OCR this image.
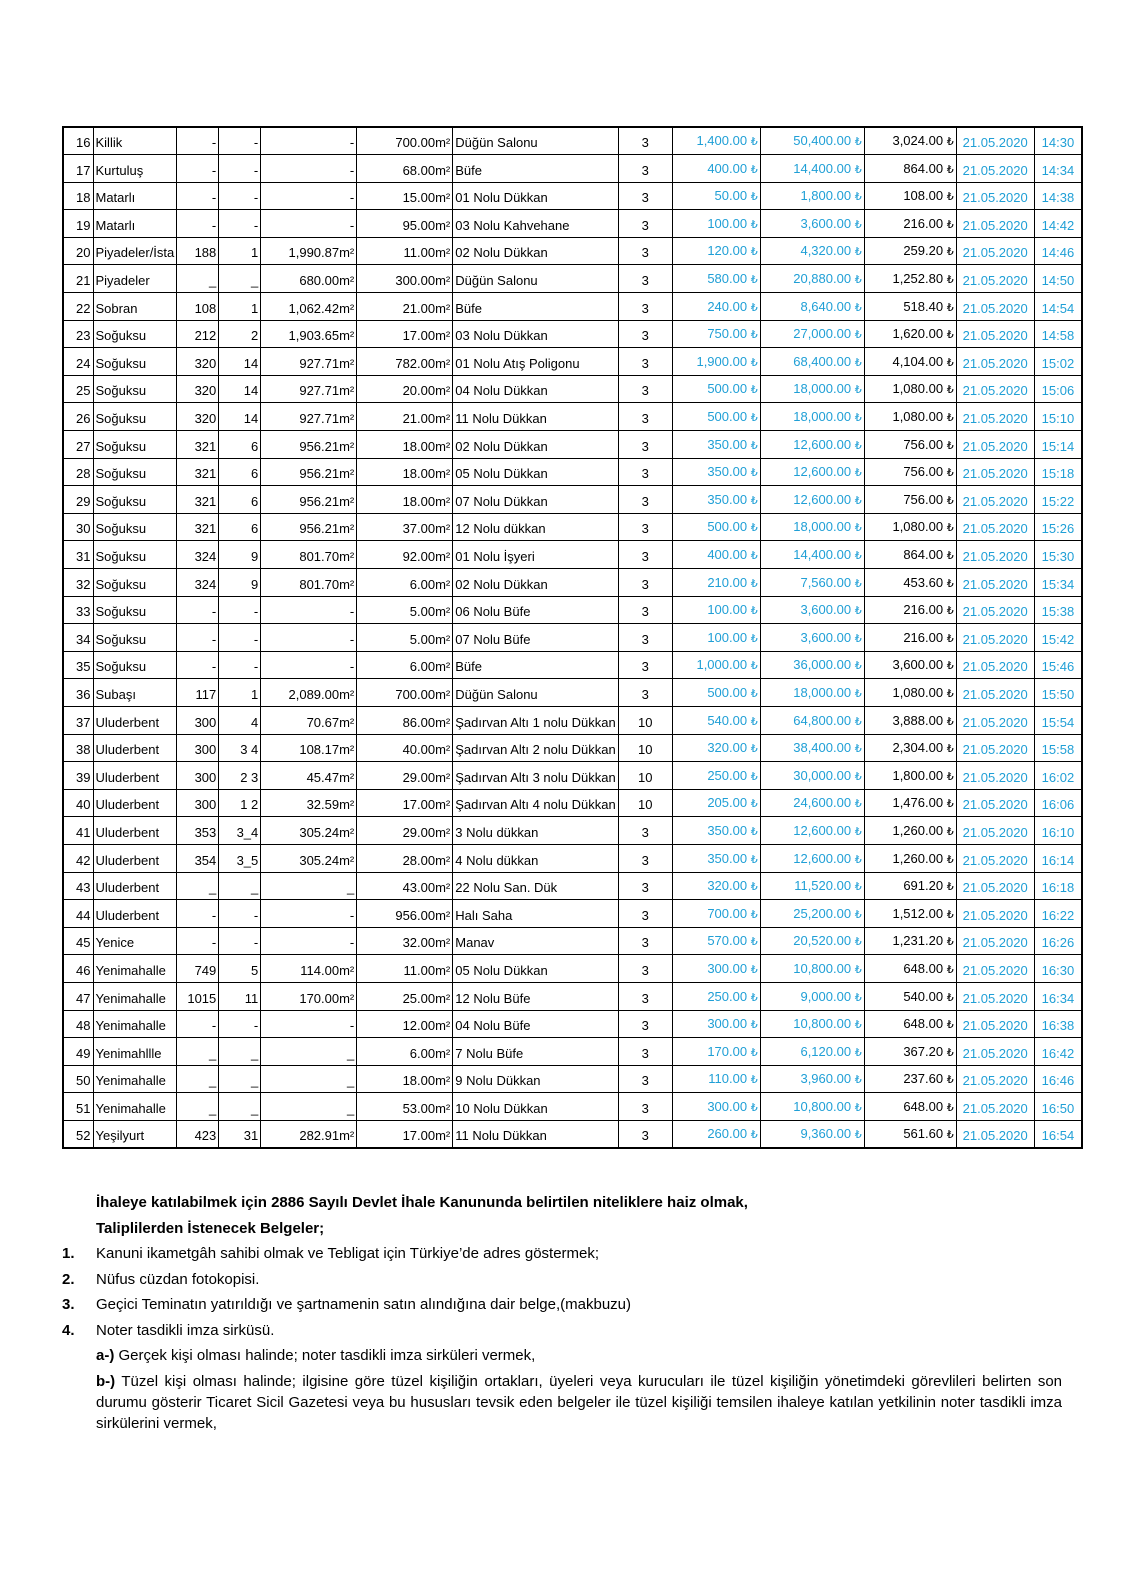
16	Killik	-	-	-	700.00m²	Düğün Salonu	3	1,400.00 ₺	50,400.00 ₺	3,024.00 ₺	21.05.2020	14:30
17	Kurtuluş	-	-	-	68.00m²	Büfe	3	400.00 ₺	14,400.00 ₺	864.00 ₺	21.05.2020	14:34
18	Matarlı	-	-	-	15.00m²	01 Nolu Dükkan	3	50.00 ₺	1,800.00 ₺	108.00 ₺	21.05.2020	14:38
19	Matarlı	-	-	-	95.00m²	03 Nolu Kahvehane	3	100.00 ₺	3,600.00 ₺	216.00 ₺	21.05.2020	14:42
20	Piyadeler/İsta	188	1	1,990.87m²	11.00m²	02 Nolu Dükkan	3	120.00 ₺	4,320.00 ₺	259.20 ₺	21.05.2020	14:46
21	Piyadeler	_	_	680.00m²	300.00m²	Düğün Salonu	3	580.00 ₺	20,880.00 ₺	1,252.80 ₺	21.05.2020	14:50
22	Sobran	108	1	1,062.42m²	21.00m²	Büfe	3	240.00 ₺	8,640.00 ₺	518.40 ₺	21.05.2020	14:54
23	Soğuksu	212	2	1,903.65m²	17.00m²	03 Nolu Dükkan	3	750.00 ₺	27,000.00 ₺	1,620.00 ₺	21.05.2020	14:58
24	Soğuksu	320	14	927.71m²	782.00m²	01 Nolu Atış Poligonu	3	1,900.00 ₺	68,400.00 ₺	4,104.00 ₺	21.05.2020	15:02
25	Soğuksu	320	14	927.71m²	20.00m²	04 Nolu Dükkan	3	500.00 ₺	18,000.00 ₺	1,080.00 ₺	21.05.2020	15:06
26	Soğuksu	320	14	927.71m²	21.00m²	11 Nolu Dükkan	3	500.00 ₺	18,000.00 ₺	1,080.00 ₺	21.05.2020	15:10
27	Soğuksu	321	6	956.21m²	18.00m²	02 Nolu Dükkan	3	350.00 ₺	12,600.00 ₺	756.00 ₺	21.05.2020	15:14
28	Soğuksu	321	6	956.21m²	18.00m²	05 Nolu Dükkan	3	350.00 ₺	12,600.00 ₺	756.00 ₺	21.05.2020	15:18
29	Soğuksu	321	6	956.21m²	18.00m²	07 Nolu Dükkan	3	350.00 ₺	12,600.00 ₺	756.00 ₺	21.05.2020	15:22
30	Soğuksu	321	6	956.21m²	37.00m²	12 Nolu dükkan	3	500.00 ₺	18,000.00 ₺	1,080.00 ₺	21.05.2020	15:26
31	Soğuksu	324	9	801.70m²	92.00m²	01 Nolu İşyeri	3	400.00 ₺	14,400.00 ₺	864.00 ₺	21.05.2020	15:30
32	Soğuksu	324	9	801.70m²	6.00m²	02 Nolu Dükkan	3	210.00 ₺	7,560.00 ₺	453.60 ₺	21.05.2020	15:34
33	Soğuksu	-	-	-	5.00m²	06 Nolu Büfe	3	100.00 ₺	3,600.00 ₺	216.00 ₺	21.05.2020	15:38
34	Soğuksu	-	-	-	5.00m²	07 Nolu Büfe	3	100.00 ₺	3,600.00 ₺	216.00 ₺	21.05.2020	15:42
35	Soğuksu	-	-	-	6.00m²	Büfe	3	1,000.00 ₺	36,000.00 ₺	3,600.00 ₺	21.05.2020	15:46
36	Subaşı	117	1	2,089.00m²	700.00m²	Düğün Salonu	3	500.00 ₺	18,000.00 ₺	1,080.00 ₺	21.05.2020	15:50
37	Uluderbent	300	4	70.67m²	86.00m²	Şadırvan Altı 1 nolu Dükkan	10	540.00 ₺	64,800.00 ₺	3,888.00 ₺	21.05.2020	15:54
38	Uluderbent	300	3 4	108.17m²	40.00m²	Şadırvan Altı 2 nolu Dükkan	10	320.00 ₺	38,400.00 ₺	2,304.00 ₺	21.05.2020	15:58
39	Uluderbent	300	2 3	45.47m²	29.00m²	Şadırvan Altı 3 nolu Dükkan	10	250.00 ₺	30,000.00 ₺	1,800.00 ₺	21.05.2020	16:02
40	Uluderbent	300	1 2	32.59m²	17.00m²	Şadırvan Altı 4 nolu Dükkan	10	205.00 ₺	24,600.00 ₺	1,476.00 ₺	21.05.2020	16:06
41	Uluderbent	353	3_4	305.24m²	29.00m²	3 Nolu dükkan	3	350.00 ₺	12,600.00 ₺	1,260.00 ₺	21.05.2020	16:10
42	Uluderbent	354	3_5	305.24m²	28.00m²	4 Nolu dükkan	3	350.00 ₺	12,600.00 ₺	1,260.00 ₺	21.05.2020	16:14
43	Uluderbent	_	_	_	43.00m²	22 Nolu San. Dük	3	320.00 ₺	11,520.00 ₺	691.20 ₺	21.05.2020	16:18
44	Uluderbent	-	-	-	956.00m²	Halı Saha	3	700.00 ₺	25,200.00 ₺	1,512.00 ₺	21.05.2020	16:22
45	Yenice	-	-	-	32.00m²	Manav	3	570.00 ₺	20,520.00 ₺	1,231.20 ₺	21.05.2020	16:26
46	Yenimahalle	749	5	114.00m²	11.00m²	05 Nolu Dükkan	3	300.00 ₺	10,800.00 ₺	648.00 ₺	21.05.2020	16:30
47	Yenimahalle	1015	11	170.00m²	25.00m²	12 Nolu Büfe	3	250.00 ₺	9,000.00 ₺	540.00 ₺	21.05.2020	16:34
48	Yenimahalle	-	-	-	12.00m²	04 Nolu Büfe	3	300.00 ₺	10,800.00 ₺	648.00 ₺	21.05.2020	16:38
49	Yenimahllle	_	_	_	6.00m²	7 Nolu Büfe	3	170.00 ₺	6,120.00 ₺	367.20 ₺	21.05.2020	16:42
50	Yenimahalle	_	_	_	18.00m²	9 Nolu Dükkan	3	110.00 ₺	3,960.00 ₺	237.60 ₺	21.05.2020	16:46
51	Yenimahalle	_	_	_	53.00m²	10 Nolu Dükkan	3	300.00 ₺	10,800.00 ₺	648.00 ₺	21.05.2020	16:50
52	Yeşilyurt	423	31	282.91m²	17.00m²	11 Nolu Dükkan	3	260.00 ₺	9,360.00 ₺	561.60 ₺	21.05.2020	16:54
İhaleye katılabilmek için 2886 Sayılı Devlet İhale Kanununda belirtilen niteliklere haiz olmak,
Taliplilerden İstenecek Belgeler;
1. Kanuni ikametgâh sahibi olmak ve Tebligat için Türkiye’de adres göstermek;
2. Nüfus cüzdan fotokopisi.
3. Geçici Teminatın yatırıldığı ve şartnamenin satın alındığına dair belge,(makbuzu)
4. Noter tasdikli imza sirküsü.
a-) Gerçek kişi olması halinde; noter tasdikli imza sirküleri vermek,
b-) Tüzel kişi olması halinde; ilgisine göre tüzel kişiliğin ortakları, üyeleri veya kurucuları ile tüzel kişiliğin yönetimdeki görevlileri belirten son durumu gösterir Ticaret Sicil Gazetesi veya bu hususları tevsik eden belgeler ile tüzel kişiliği temsilen ihaleye katılan yetkilinin noter tasdikli imza sirkülerini vermek,
